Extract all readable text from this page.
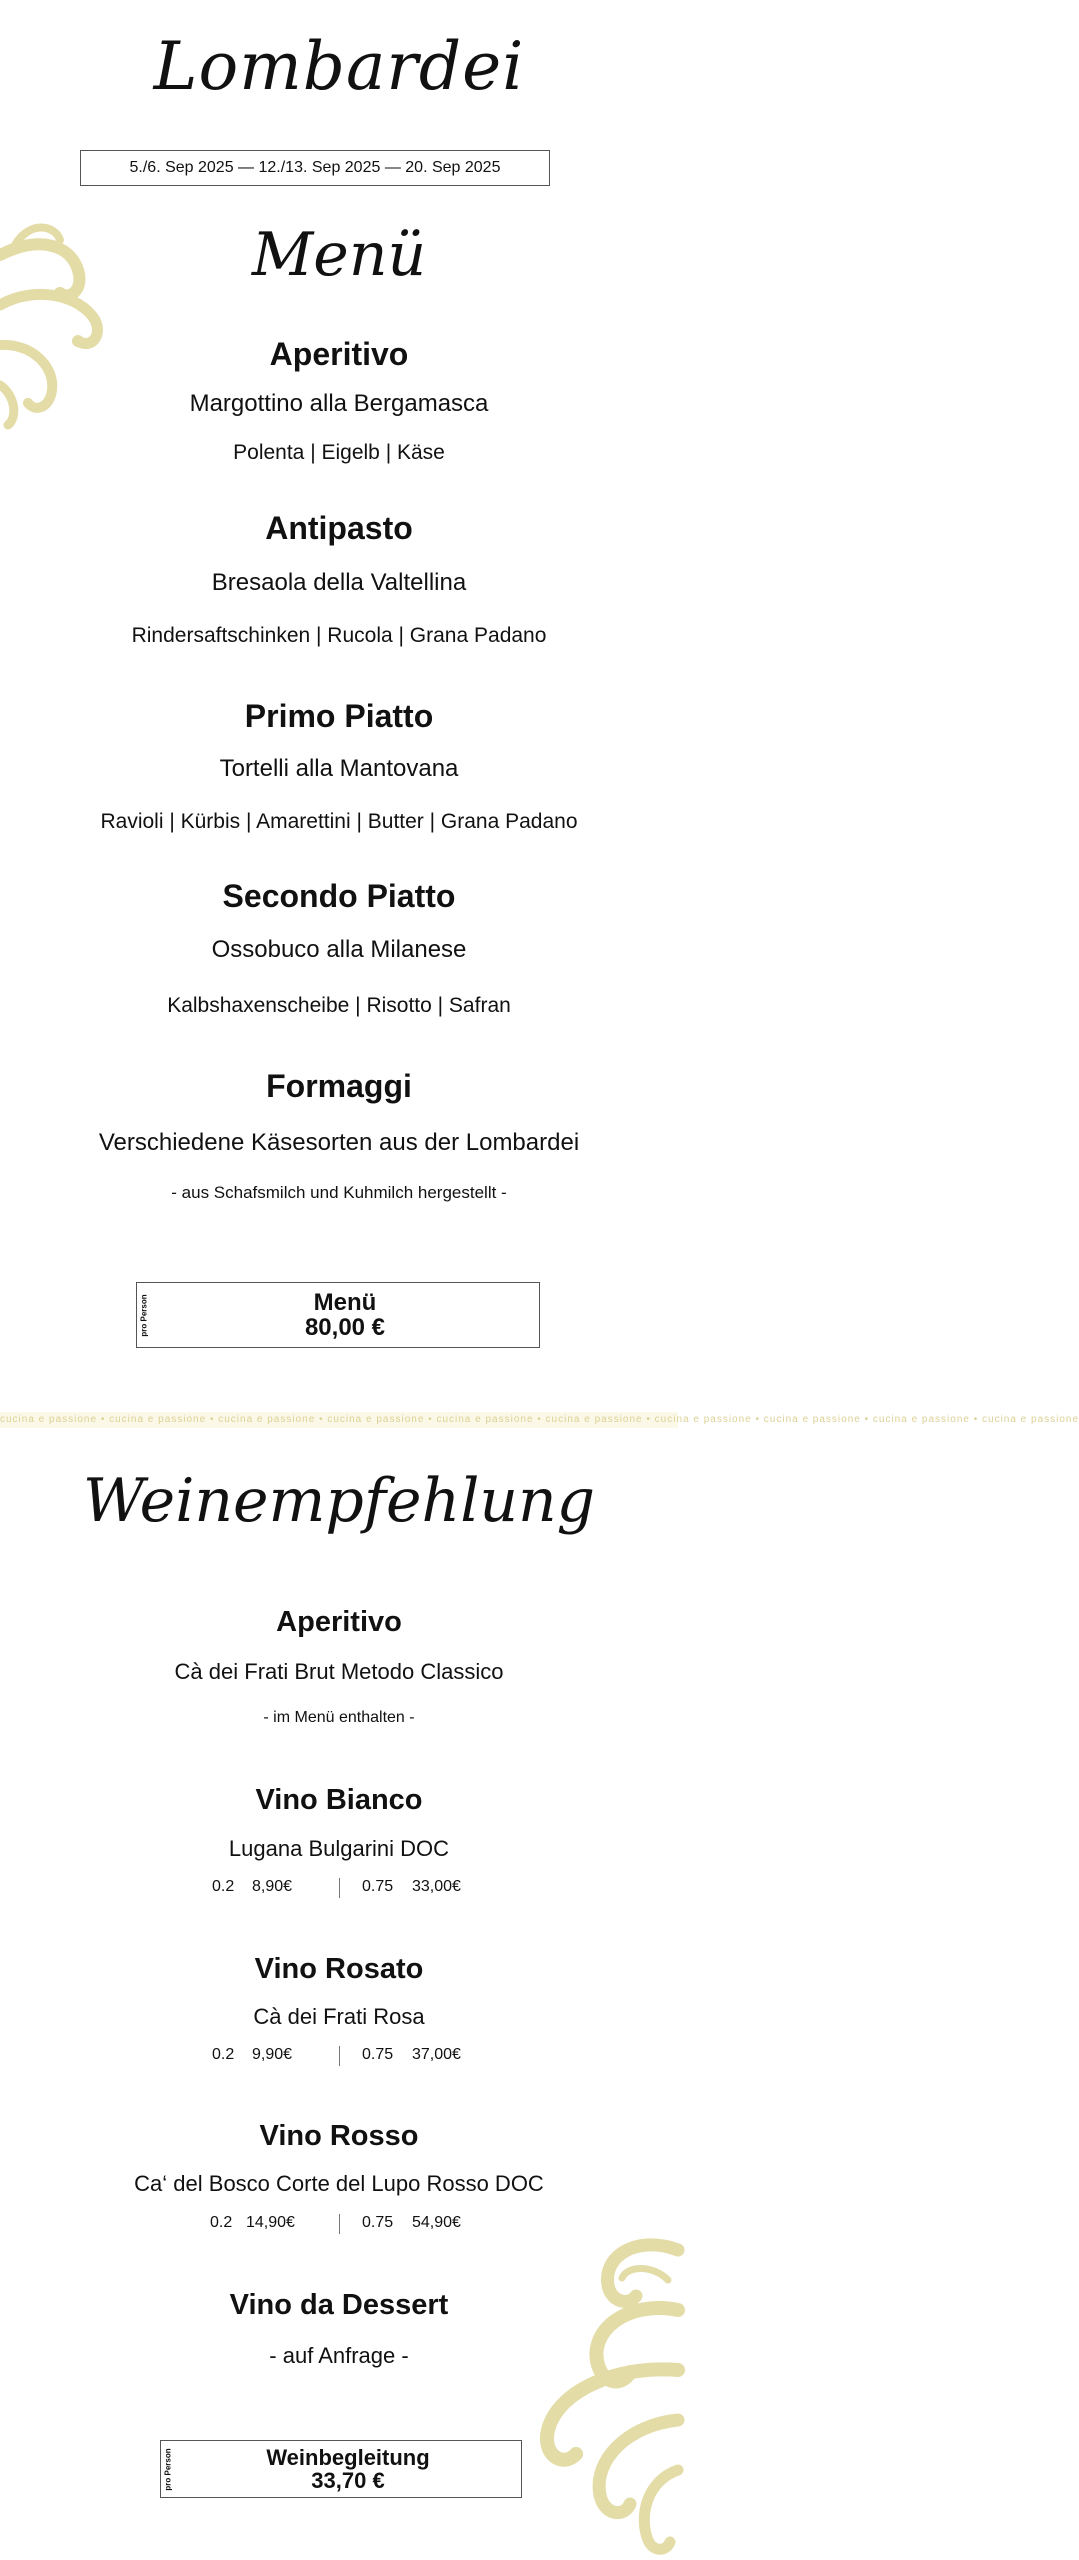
Lombardei
5./6. Sep 2025 — 12./13. Sep 2025 — 20. Sep 2025
Menü
Aperitivo
Margottino alla Bergamasca
Polenta | Eigelb | Käse
Antipasto
Bresaola della Valtellina
Rindersaftschinken | Rucola | Grana Padano
Primo Piatto
Tortelli alla Mantovana
Ravioli | Kürbis | Amarettini | Butter | Grana Padano
Secondo Piatto
Ossobuco alla Milanese
Kalbshaxenscheibe | Risotto | Safran
Formaggi
Verschiedene Käsesorten aus der Lombardei
- aus Schafsmilch und Kuhmilch hergestellt -
pro Person	Menü
80,00 €
cucina e passione • cucina e passione • cucina e passione • cucina e passione • cucina e passione • cucina e passione • cucina e passione • cucina e passione • cucina e passione • cucina e passione
Weinempfehlung
Aperitivo
Cà dei Frati Brut Metodo Classico
- im Menü enthalten -
Vino Bianco
Lugana Bulgarini DOC
0.2 8,90€	0.75 33,00€
Vino Rosato
Cà dei Frati Rosa
0.2 9,90€	0.75 37,00€
Vino Rosso
Ca‘ del Bosco Corte del Lupo Rosso DOC
0.2 14,90€	0.75 54,90€
Vino da Dessert
- auf Anfrage -
pro Person	Weinbegleitung
33,70 €
